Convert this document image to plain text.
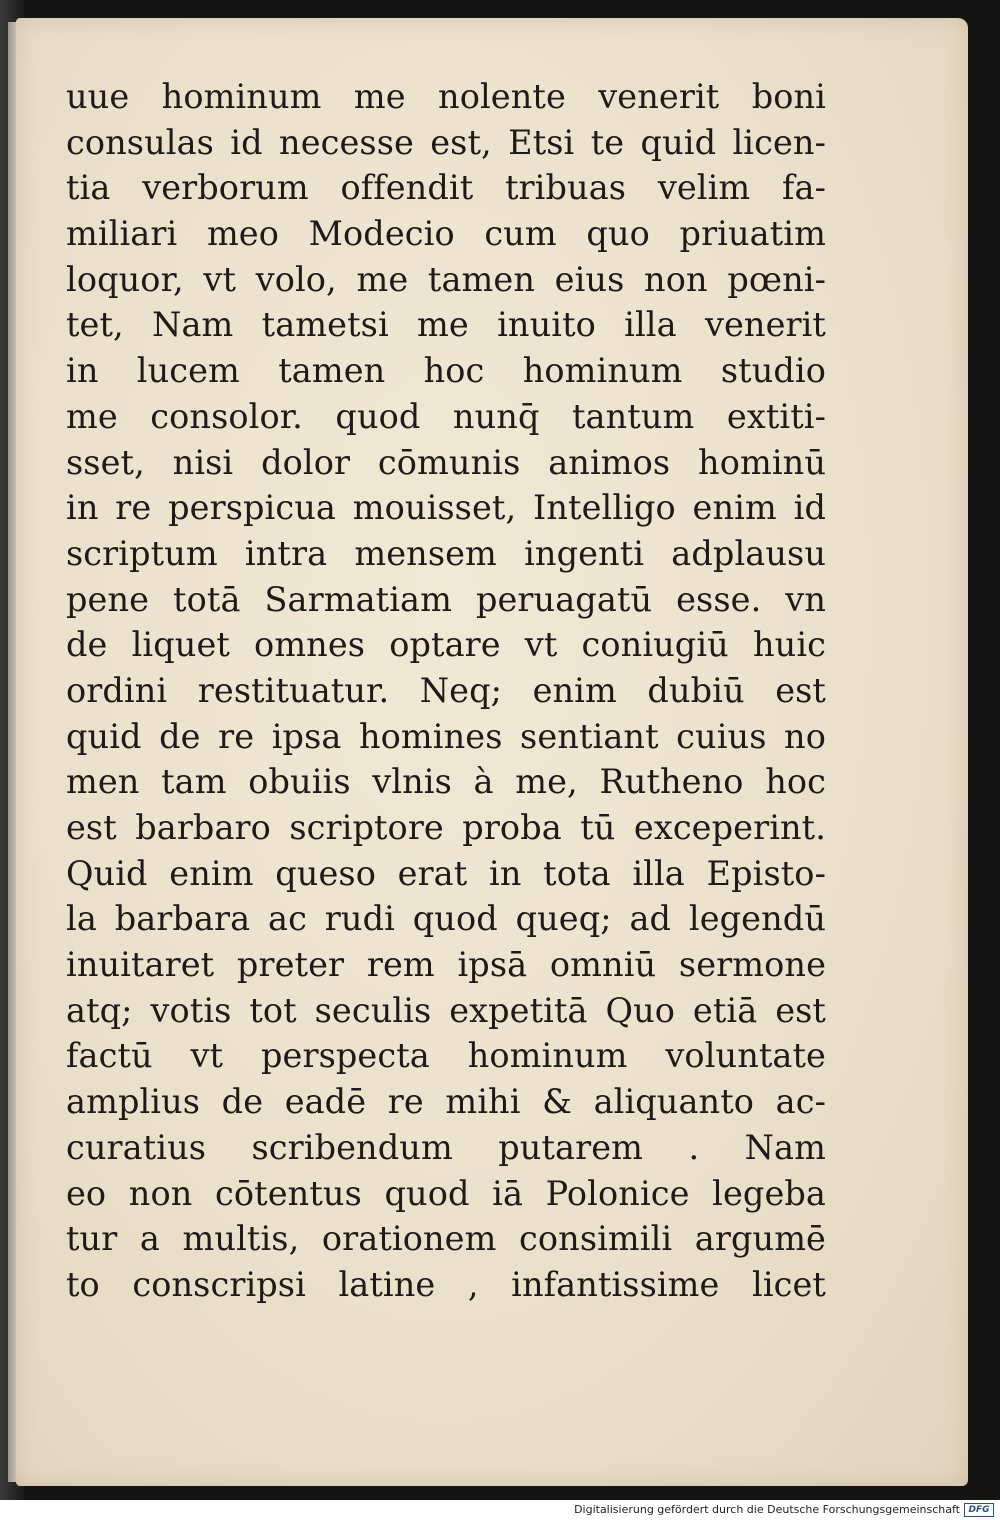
uue hominum me nolente venerit boni
consulas id necesse est, Etsi te quid licen-
tia verborum offendit tribuas velim fa-
miliari meo Modecio cum quo priuatim
loquor, vt volo, me tamen eius non pœni-
tet, Nam tametsi me inuito illa venerit
in lucem tamen hoc hominum studio
me consolor. quod nunq̄ tantum extiti-
sset, nisi dolor cōmunis animos hominū
in re perspicua mouisset, Intelligo enim id
scriptum intra mensem ingenti adplausu
pene totā Sarmatiam peruagatū esse. vn
de liquet omnes optare vt coniugiū huic
ordini restituatur. Neq; enim dubiū est
quid de re ipsa homines sentiant cuius no
men tam obuiis vlnis à me, Rutheno hoc
est barbaro scriptore proba tū exceperint.
Quid enim queso erat in tota illa Episto-
la barbara ac rudi quod queq; ad legendū
inuitaret preter rem ipsā omniū sermone
atq; votis tot seculis expetitā Quo etiā est
factū vt perspecta hominum voluntate
amplius de eadē re mihi & aliquanto ac-
curatius scribendum putarem . Nam
eo non cōtentus quod iā Polonice legeba
tur a multis, orationem consimili argumē
to conscripsi latine , infantissime licet
Digitalisierung gefördert durch die Deutsche Forschungsgemeinschaft DFG
